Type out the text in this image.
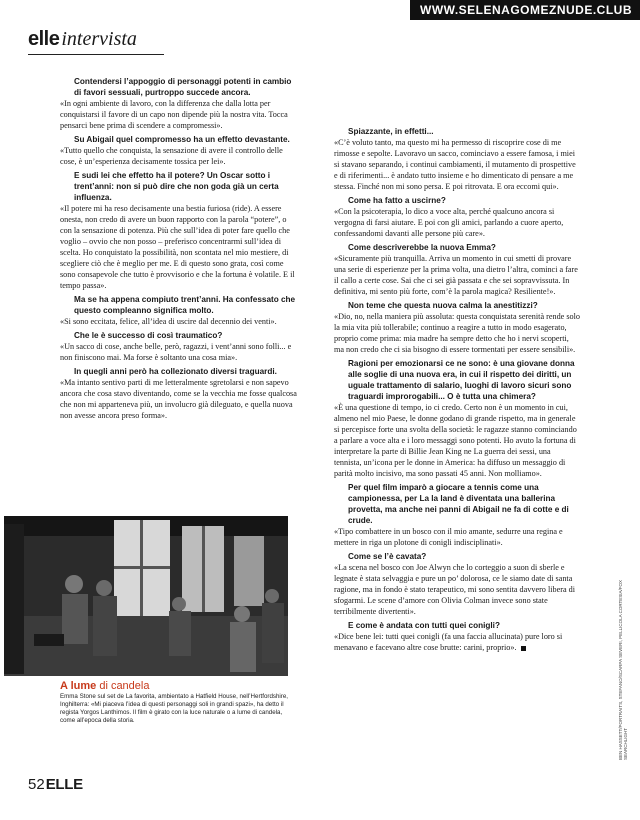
WWW.SELENAGOMEZNUDE.CLUB
elle intervista
Contendersi l’appoggio di personaggi potenti in cambio di favori sessuali, purtroppo succede ancora.
«In ogni ambiente di lavoro, con la differenza che dalla lotta per conquistarsi il favore di un capo non dipende più la nostra vita. Toccа pensarci bene prima di scendere a compromessi».
Su Abigail quel compromesso ha un effetto devastante.
«Tutto quello che conquista, la sensazione di avere il controllo delle cose, è un’esperienza decisamente tossica per lei».
E sudi lei che effetto ha il potere? Un Oscar sotto i trent’anni: non si può dire che non goda già un certa influenza.
«Il potere mi ha reso decisamente una bestia furiosa (ride). A essere onesta, non credo di avere un buon rapporto con la parola “potere”, o con la sensazione di potenza. Più che sull’idea di poter fare quello che voglio – ovvio che non posso – preferisco concentrarmi sull’idea di scelta. Ho conquistato la possibilità, non scontata nel mio mestiere, di scegliere ciò che è meglio per me. E di questo sono grata, così come sono consapevole che tutto è provvisorio e che la fortuna è volatile. E il tempo passa».
Ma se ha appena compiuto trent’anni. Ha confessato che questo compleanno significa molto.
«Si sono eccitata, felice, all’idea di uscire dal decennio dei venti».
Che le è successo di così traumatico?
«Un sacco di cose, anche belle, però, ragazzi, i vent’anni sono folli... e non finiscono mai. Ma forse è soltanto una cosa mia».
In quegli anni però ha collezionato diversi traguardi.
«Ma intanto sentivo parti di me letteralmente sgretolarsi e non sapevo ancora che cosa stavo diventando, come se la vecchia me fosse qualcosa che non mi apparteneva più, un involucro già dileguato, e quella nuova non avesse ancora preso forma».
Spiazzante, in effetti...
«C’è voluto tanto, ma questo mi ha permesso di riscoprire cose di me rimosse e sepolte. Lavoravo un sacco, cominciavo a essere famosa, i miei si stavano separando, i continui cambiamenti, il mutamento di prospettive e di riferimenti... è andato tutto insieme e ho dimenticato di pensare a me stessa. Finché non mi sono persa. E poi ritrovata. E ora eccomi qui».
Come ha fatto a uscirne?
«Con la psicoterapia, lo dico a voce alta, perché qualcuno ancora si vergogna di farsi aiutare. E poi con gli amici, parlando a cuore aperto, confessandomi davanti alle persone più care».
Come descriverebbe la nuova Emma?
«Sicuramente più tranquilla. Arriva un momento in cui smetti di provare una serie di esperienze per la prima volta, una dietro l’altra, cominci a fare il callo a certe cose. Sai che ci sei già passata e che sei sopravvissuta. In definitiva, mi sento più forte, com’è la parola magica? Resiliente!».
Non teme che questa nuova calma la anestitizzi?
«Dio, no, nella maniera più assoluta: questa conquistata serenità rende solo la mia vita più tollerabile; continuo a reagire a tutto in modo esagerato, proprio come prima: mia madre ha sempre detto che ho i nervi scoperti, ma non credo che ci sia bisogno di essere tormentati per essere sensibili».
Ragioni per emozionarsi ce ne sono: è una giovane donna alle soglie di una nuova era, in cui il rispetto dei diritti, un uguale trattamento di salario, luoghi di lavoro sicuri sono traguardi improrogabili... O è tutta una chimera?
«È una questione di tempo, io ci credo. Certo non è un momento in cui, almeno nel mio Paese, le donne godano di grande rispetto, ma in generale si percepisce forte una svolta della società: le ragazze stanno cominciando a parlare a voce alta e i loro messaggi sono potenti. Ho avuto la fortuna di interpretare la parte di Billie Jean King ne La guerra dei sessi, una tennista, un’icona per le donne in America: ha diffuso un messaggio di parità molto incisivo, ma sono passati 45 anni. Non molliamo».
Per quel film imparò a giocare a tennis come una campionessa, per La la land è diventata una ballerina provetta, ma anche nei panni di Abigail ne fa di cotte e di crude.
«Tipo combattere in un bosco con il mio amante, sedurre una regina e mettere in riga un plotone di conigli indisciplinati».
Come se l’è cavata?
«La scena nel bosco con Joe Alwyn che lo corteggio a suon di sberle e legnate è stata selvaggia e pure un po’ dolorosa, ce le siamo date di santa ragione, ma in fondo è stato terapeutico, mi sono sentita davvero libera di sfogarmi. Le scene d’amore con Olivia Colman invece sono state terribilmente divertenti».
E come è andata con tutti quei conigli?
«Dice bene lei: tutti quei conigli (fa una faccia allucinata) pure loro si menavano e facevano altre cose brutte: carini, proprio».
A lume di candela
Emma Stone sul set de La favorita, ambientato a Hatfield House, nell’Hertfordshire, Inghilterra: «Mi piaceva l’idea di questi personaggi soli in grandi spazi», ha detto il regista Yorgos Lanthimos. Il film è girato con la luce naturale o a lume di candela, come all’epoca della storia.	BEN HASSETT/PORTRAITS, STEFANO/SCARPA SEVERI, PELLICOLA CORTESIA/FOX SEARCHLIGHT
52 ELLE
